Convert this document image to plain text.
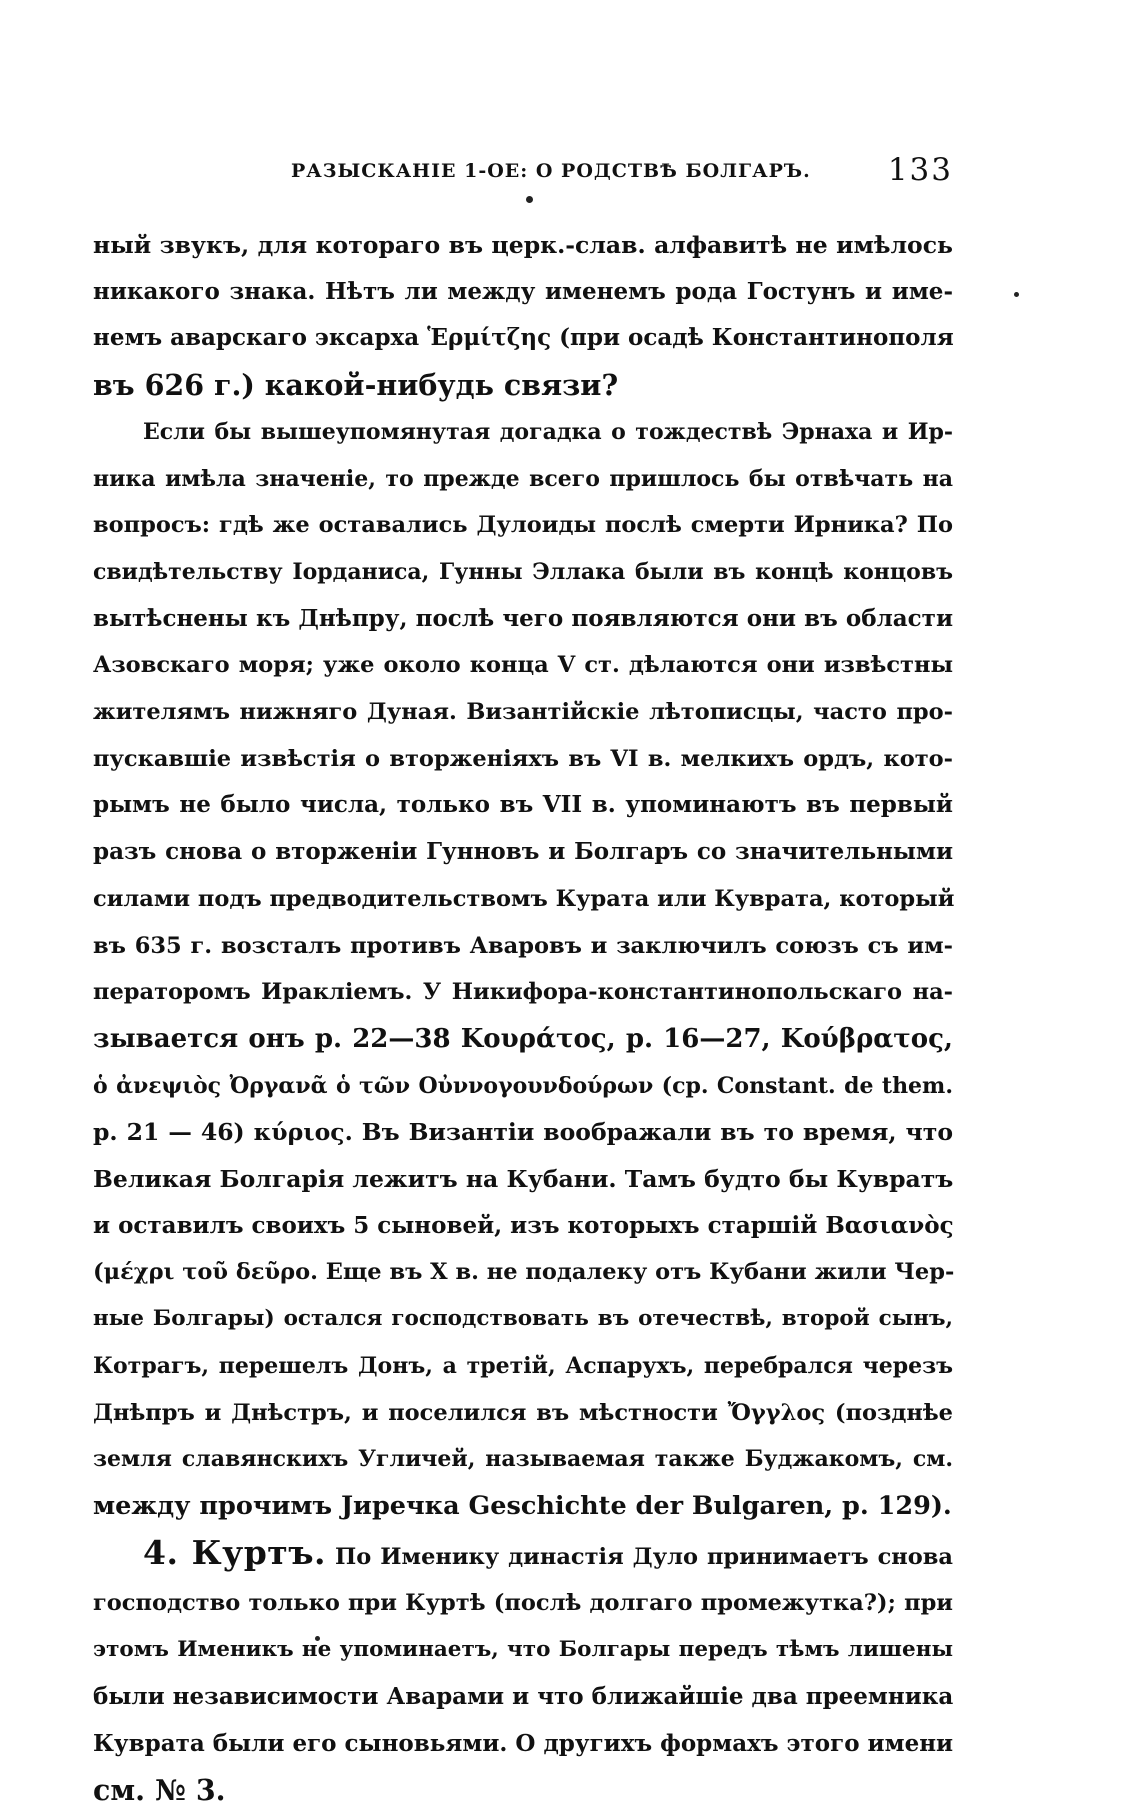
РАЗЫСКАНІЕ 1-ОЕ: О РОДСТВѢ БОЛГАРЪ. 133
ный звукъ, для котораго въ церк.-слав. алфавитѣ не имѣлось
никакого знака. Нѣтъ ли между именемъ рода Гостунъ и име-
немъ аварскаго эксарха Ἑρμίτζης (при осадѣ Константинополя
въ 626 г.) какой-нибудь связи?
Если бы вышеупомянутая догадка о тождествѣ Эрнаха и Ир-
ника имѣла значеніе, то прежде всего пришлось бы отвѣчать на
вопросъ: гдѣ же оставались Дулоиды послѣ смерти Ирника? По
свидѣтельству Іорданиса, Гунны Эллака были въ концѣ концовъ
вытѣснены къ Днѣпру, послѣ чего появляются они въ области
Азовскаго моря; уже около конца V ст. дѣлаются они извѣстны
жителямъ нижняго Дуная. Византійскіе лѣтописцы, часто про-
пускавшіе извѣстія о вторженіяхъ въ VI в. мелкихъ ордъ, кото-
рымъ не было числа, только въ VII в. упоминаютъ въ первый
разъ снова о вторженіи Гунновъ и Болгаръ со значительными
силами подъ предводительствомъ Курата или Куврата, который
въ 635 г. возсталъ противъ Аваровъ и заключилъ союзъ съ им-
ператоромъ Иракліемъ. У Никифора-константинопольскаго на-
зывается онъ р. 22—38 Κουράτος, р. 16—27, Κούβρατος,
ὁ ἀνεψιὸς Ὀργανᾶ ὁ τῶν Οὐννογουνδούρων (ср. Constant. de them.
р. 21 — 46) κύριος. Въ Византіи воображали въ то время, что
Великая Болгарія лежитъ на Кубани. Тамъ будто бы Кувратъ
и оставилъ своихъ 5 сыновей, изъ которыхъ старшій Βασιανὸς
(μέχρι τοῦ δεῦρο. Еще въ X в. не подалеку отъ Кубани жили Чер-
ные Болгары) остался господствовать въ отечествѣ, второй сынъ,
Котрагъ, перешелъ Донъ, а третій, Аспарухъ, перебрался черезъ
Днѣпръ и Днѣстръ, и поселился въ мѣстности Ὄγγλος (позднѣе
земля славянскихъ Угличей, называемая также Буджакомъ, см.
между прочимъ Јиречка Geschichte der Bulgaren, р. 129).
4. Куртъ. По Именику династія Дуло принимаетъ снова
господство только при Куртѣ (послѣ долгаго промежутка?); при
этомъ Именикъ не упоминаетъ, что Болгары передъ тѣмъ лишены
были независимости Аварами и что ближайшіе два преемника
Куврата были его сыновьями. О другихъ формахъ этого имени
см. № 3.
